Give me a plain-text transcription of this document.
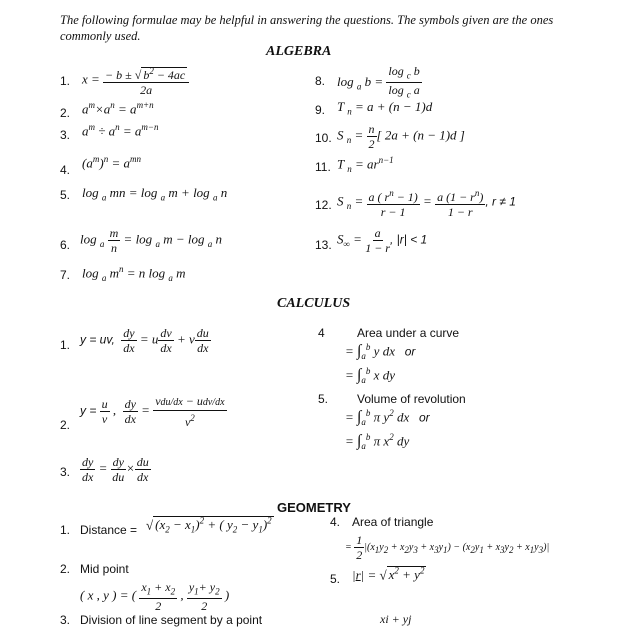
The following formulae may be helpful in answering the questions. The symbols given are the ones commonly used.
ALGEBRA
1. $x = \frac{- b \pm √ b^2 - 4ac}{2a}$
2. $a^m\times a^n = a^{m+n}$
3. $a^m \div a^n = a^{m-n}$
4. $(a^m)^n = a^{mn}$
5. log $_a$ mn = log $_a$ m + log $_a$ n
6. $\log _a \frac{m}{n} = \log _a$ m − log $_a$ n
7. log $_a$ $m^n = n$ log $_a$ m
8. log $_a$ $b = \frac{\log _c b}{\log _c a}$
9. T $_n$ = a + (n − 1)d
10. S $_n = \frac{n}{2}$ [ 2a + (n − 1)d ]
11. T $_n = ar^{n-1}$
12. S $_n = \frac{a ( r^n - 1)}{r - 1} = \frac{a (1 - r^n)}{1 - r}$ , r ≠ 1
13. $S_\infty = \frac{a}{1 - r}$ , |r| < 1
CALCULUS
1. y = uv, $\frac{dy}{dx} = u \frac{dv}{dx} + v \frac{du}{dx}$
2.
$y = \frac{u}{v}$ , $\frac{dy}{dx}$ =
vdu/dx − udv/dx
$v^2$
3. $\frac{dy}{dx} = \frac{dy}{du} \times \frac{du}{dx}$
4	Area under a curve
= $\int_a^b$ y dx   or
= $\int_a^b$ x dy
5. Volume of revolution
= $\int_a^b$ π $y^2$ dx   or
= $\int_a^b$ π $x^2$ dy
GEOMETRY
1. Distance = √ $(x_2 - x_1)^2$ + ( $y_2 - y_1)^2$
2. Mid point
( x , y ) = ( $\frac{x_1 + x_2}{2}$ , $\frac{y_1+ y_2}{2}$ )
3. Division of line segment by a point
4. Area of triangle
= $\frac{1}{2} |(x_1y_2 + x_2y_3 + x_3y_1) - (x_2y_1 + x_3y_2 + x_1y_3)|$
5. |r| = √ $x^2 + y^2$
xi + yj
